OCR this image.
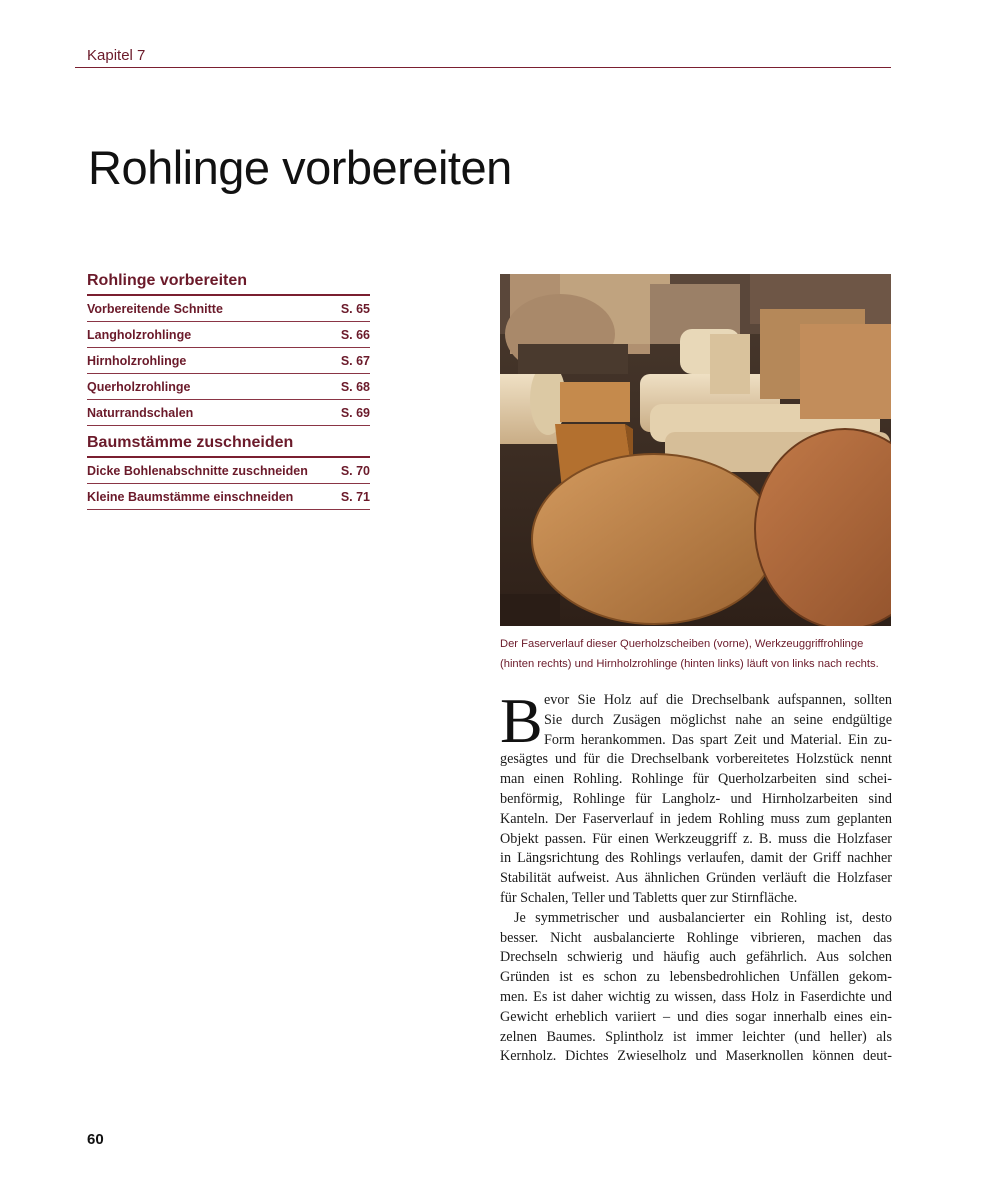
Kapitel 7
Rohlinge vorbereiten
Rohlinge vorbereiten
Vorbereitende Schnitte	S. 65
Langholzrohlinge	S. 66
Hirnholzrohlinge	S. 67
Querholzrohlinge	S. 68
Naturrandschalen	S. 69
Baumstämme zuschneiden
Dicke Bohlenabschnitte zuschneiden	S. 70
Kleine Baumstämme einschneiden	S. 71
Der Faserverlauf dieser Querholzscheiben (vorne), Werkzeuggriffrohlinge
(hinten rechts) und Hirnholzrohlinge (hinten links) läuft von links nach rechts.
B evor Sie Holz auf die Drechselbank aufspannen, sollten
Sie durch Zusägen möglichst nahe an seine endgültige
Form herankommen. Das spart Zeit und Material. Ein zu-
gesägtes und für die Drechselbank vorbereitetes Holzstück nennt
man einen Rohling. Rohlinge für Querholzarbeiten sind schei-
benförmig, Rohlinge für Langholz- und Hirnholzarbeiten sind
Kanteln. Der Faserverlauf in jedem Rohling muss zum geplanten
Objekt passen. Für einen Werkzeuggriff z. B. muss die Holzfaser
in Längsrichtung des Rohlings verlaufen, damit der Griff nachher
Stabilität aufweist. Aus ähnlichen Gründen verläuft die Holzfaser
für Schalen, Teller und Tabletts quer zur Stirnfläche.
Je symmetrischer und ausbalancierter ein Rohling ist, desto
besser. Nicht ausbalancierte Rohlinge vibrieren, machen das
Drechseln schwierig und häufig auch gefährlich. Aus solchen
Gründen ist es schon zu lebensbedrohlichen Unfällen gekom-
men. Es ist daher wichtig zu wissen, dass Holz in Faserdichte und
Gewicht erheblich variiert – und dies sogar innerhalb eines ein-
zelnen Baumes. Splintholz ist immer leichter (und heller) als
Kernholz. Dichtes Zwieselholz und Maserknollen können deut-
60
